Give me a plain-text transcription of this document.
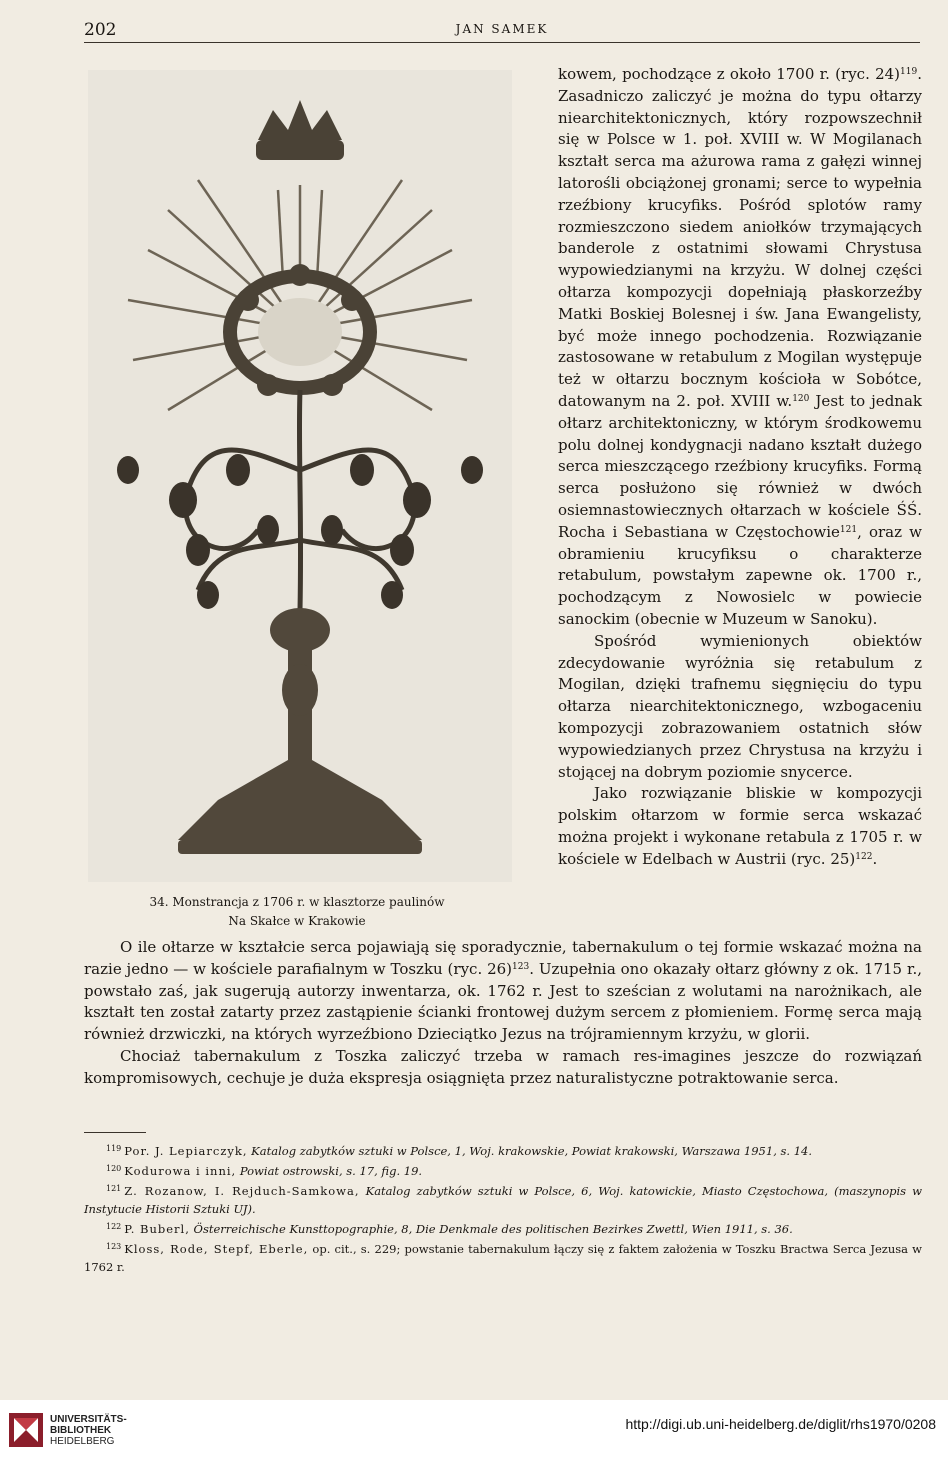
202	JAN SAMEK
34. Monstrancja z 1706 r. w klasztorze paulinów
Na Skałce w Krakowie

kowem, pochodzące z około 1700 r. (ryc. 24)$^{119}$. Zasadniczo zaliczyć je można do typu ołtarzy niearchitektonicznych, który rozpowszechnił się w Polsce w 1. poł. XVIII w. W Mogilanach kształt serca ma ażurowa rama z gałęzi winnej latorośli obciążonej gronami; serce to wypełnia rzeźbiony krucyfiks. Pośród splotów ramy rozmieszczono siedem aniołków trzymających banderole z ostatnimi słowami Chrystusa wypowiedzianymi na krzyżu. W dolnej części ołtarza kompozycji dopełniają płaskorzeźby Matki Boskiej Bolesnej i św. Jana Ewangelisty, być może innego pochodzenia. Rozwiązanie zastosowane w retabulum z Mogilan występuje też w ołtarzu bocznym kościoła w Sobótce, datowanym na 2. poł. XVIII w.$^{120}$ Jest to jednak ołtarz architektoniczny, w którym środkowemu polu dolnej kondygnacji nadano kształt dużego serca mieszczącego rzeźbiony krucyfiks. Formą serca posłużono się również w dwóch osiemnastowiecznych ołtarzach w kościele ŚŚ. Rocha i Sebastiana w Częstochowie$^{121}$, oraz w obramieniu krucyfiksu o charakterze retabulum, powstałym zapewne ok. 1700 r., pochodzącym z Nowosielc w powiecie sanockim (obecnie w Muzeum w Sanoku).

Spośród wymienionych obiektów zdecydowanie wyróżnia się retabulum z Mogilan, dzięki trafnemu sięgnięciu do typu ołtarza niearchitektonicznego, wzbogaceniu kompozycji zobrazowaniem ostatnich słów wypowiedzianych przez Chrystusa na krzyżu i stojącej na dobrym poziomie snycerce.

Jako rozwiązanie bliskie w kompozycji polskim ołtarzom w formie serca wskazać można projekt i wykonane retabula z 1705 r. w kościele w Edelbach w Austrii (ryc. 25)$^{122}$.

O ile ołtarze w kształcie serca pojawiają się sporadycznie, tabernakulum o tej formie wskazać można na razie jedno — w kościele parafialnym w Toszku (ryc. 26)$^{123}$. Uzupełnia ono okazały ołtarz główny z ok. 1715 r., powstało zaś, jak sugerują autorzy inwentarza, ok. 1762 r. Jest to sześcian z wolutami na narożnikach, ale kształt ten został zatarty przez zastąpienie ścianki frontowej dużym sercem z płomieniem. Formę serca mają również drzwiczki, na których wyrzeźbiono Dzieciątko Jezus na trójramiennym krzyżu, w glorii.

Chociaż tabernakulum z Toszka zaliczyć trzeba w ramach res-imagines jeszcze do rozwiązań kompromisowych, cechuje je duża ekspresja osiągnięta przez naturalistyczne potraktowanie serca.

$^{119}$ Por. J. Lepiarczyk, Katalog zabytków sztuki w Polsce, 1, Woj. krakowskie, Powiat krakowski, Warszawa 1951, s. 14.
$^{120}$ Kodurowa i inni, Powiat ostrowski, s. 17, fig. 19.
$^{121}$ Z. Rozanow, I. Rejduch-Samkowa, Katalog zabytków sztuki w Polsce, 6, Woj. katowickie, Miasto Częstochowa, (maszynopis w Instytucie Historii Sztuki UJ).
$^{122}$ P. Buberl, Österreichische Kunsttopographie, 8, Die Denkmale des politischen Bezirkes Zwettl, Wien 1911, s. 36.
$^{123}$ Kloss, Rode, Stepf, Eberle, op. cit., s. 229; powstanie tabernakulum łączy się z faktem założenia w Toszku Bractwa Serca Jezusa w 1762 r.
UNIVERSITÄTS-
BIBLIOTHEK
HEIDELBERG
http://digi.ub.uni-heidelberg.de/diglit/rhs1970/0208
